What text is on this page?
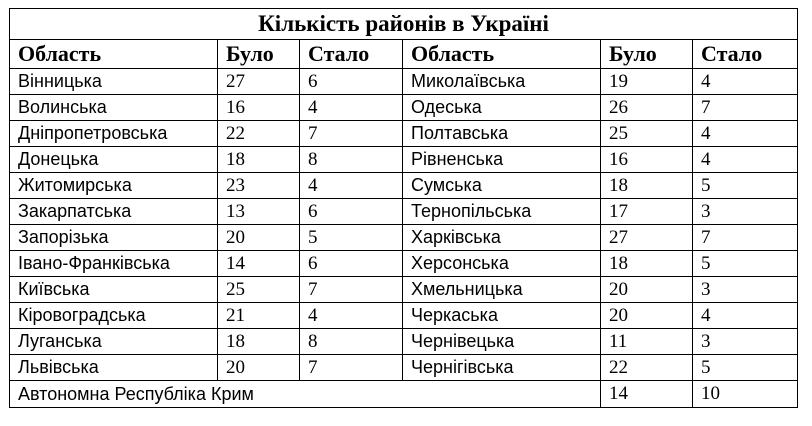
Кількість районів в Україні					
Область	Було	Стало	Область	Було	Стало
Вінницька	27	6	Миколаївська	19	4
Волинська	16	4	Одеська	26	7
Дніпропетровська	22	7	Полтавська	25	4
Донецька	18	8	Рівненська	16	4
Житомирська	23	4	Сумська	18	5
Закарпатська	13	6	Тернопільська	17	3
Запорізька	20	5	Харківська	27	7
Івано-Франківська	14	6	Херсонська	18	5
Київська	25	7	Хмельницька	20	3
Кіровоградська	21	4	Черкаська	20	4
Луганська	18	8	Чернівецька	11	3
Львівська	20	7	Чернігівська	22	5
Автономна Республіка Крим				14	10
